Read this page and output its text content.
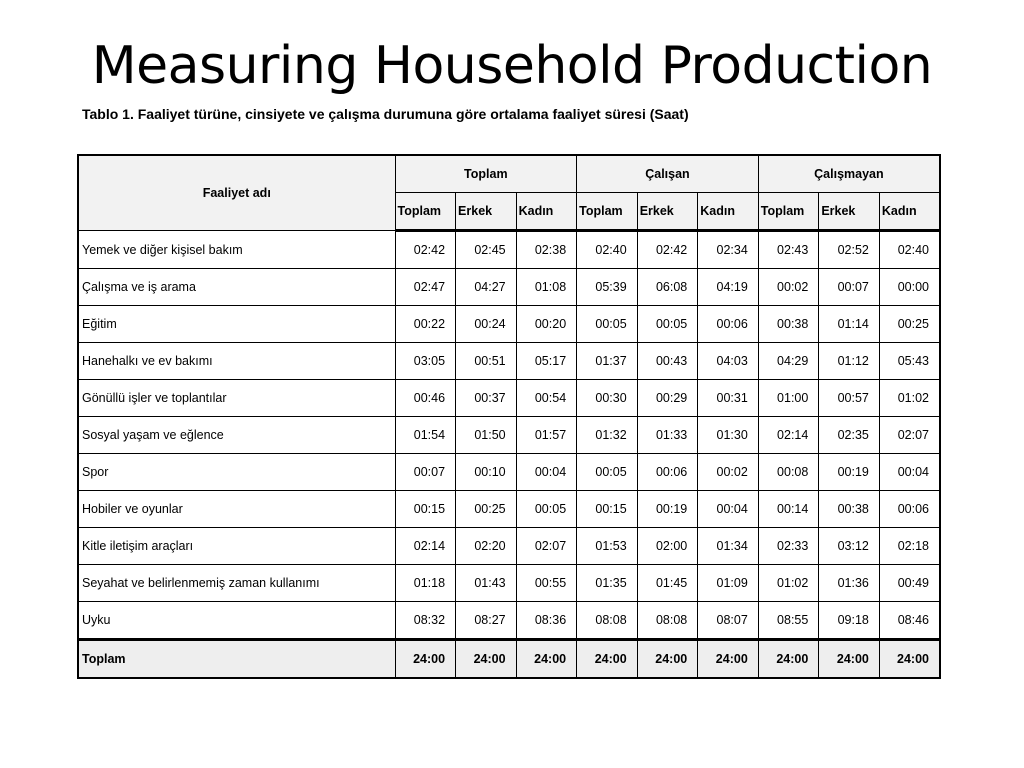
Measuring Household Production
Tablo 1. Faaliyet türüne, cinsiyete ve çalışma durumuna göre ortalama faaliyet süresi (Saat)
Faaliyet adı	Toplam			Çalışan			Çalışmayan		
	Toplam	Erkek	Kadın	Toplam	Erkek	Kadın	Toplam	Erkek	Kadın
Yemek ve diğer kişisel bakım	02:42	02:45	02:38	02:40	02:42	02:34	02:43	02:52	02:40
Çalışma ve iş arama	02:47	04:27	01:08	05:39	06:08	04:19	00:02	00:07	00:00
Eğitim	00:22	00:24	00:20	00:05	00:05	00:06	00:38	01:14	00:25
Hanehalkı ve ev bakımı	03:05	00:51	05:17	01:37	00:43	04:03	04:29	01:12	05:43
Gönüllü işler ve toplantılar	00:46	00:37	00:54	00:30	00:29	00:31	01:00	00:57	01:02
Sosyal yaşam ve eğlence	01:54	01:50	01:57	01:32	01:33	01:30	02:14	02:35	02:07
Spor	00:07	00:10	00:04	00:05	00:06	00:02	00:08	00:19	00:04
Hobiler ve oyunlar	00:15	00:25	00:05	00:15	00:19	00:04	00:14	00:38	00:06
Kitle iletişim araçları	02:14	02:20	02:07	01:53	02:00	01:34	02:33	03:12	02:18
Seyahat ve belirlenmemiş zaman kullanımı	01:18	01:43	00:55	01:35	01:45	01:09	01:02	01:36	00:49
Uyku	08:32	08:27	08:36	08:08	08:08	08:07	08:55	09:18	08:46
Toplam	24:00	24:00	24:00	24:00	24:00	24:00	24:00	24:00	24:00
